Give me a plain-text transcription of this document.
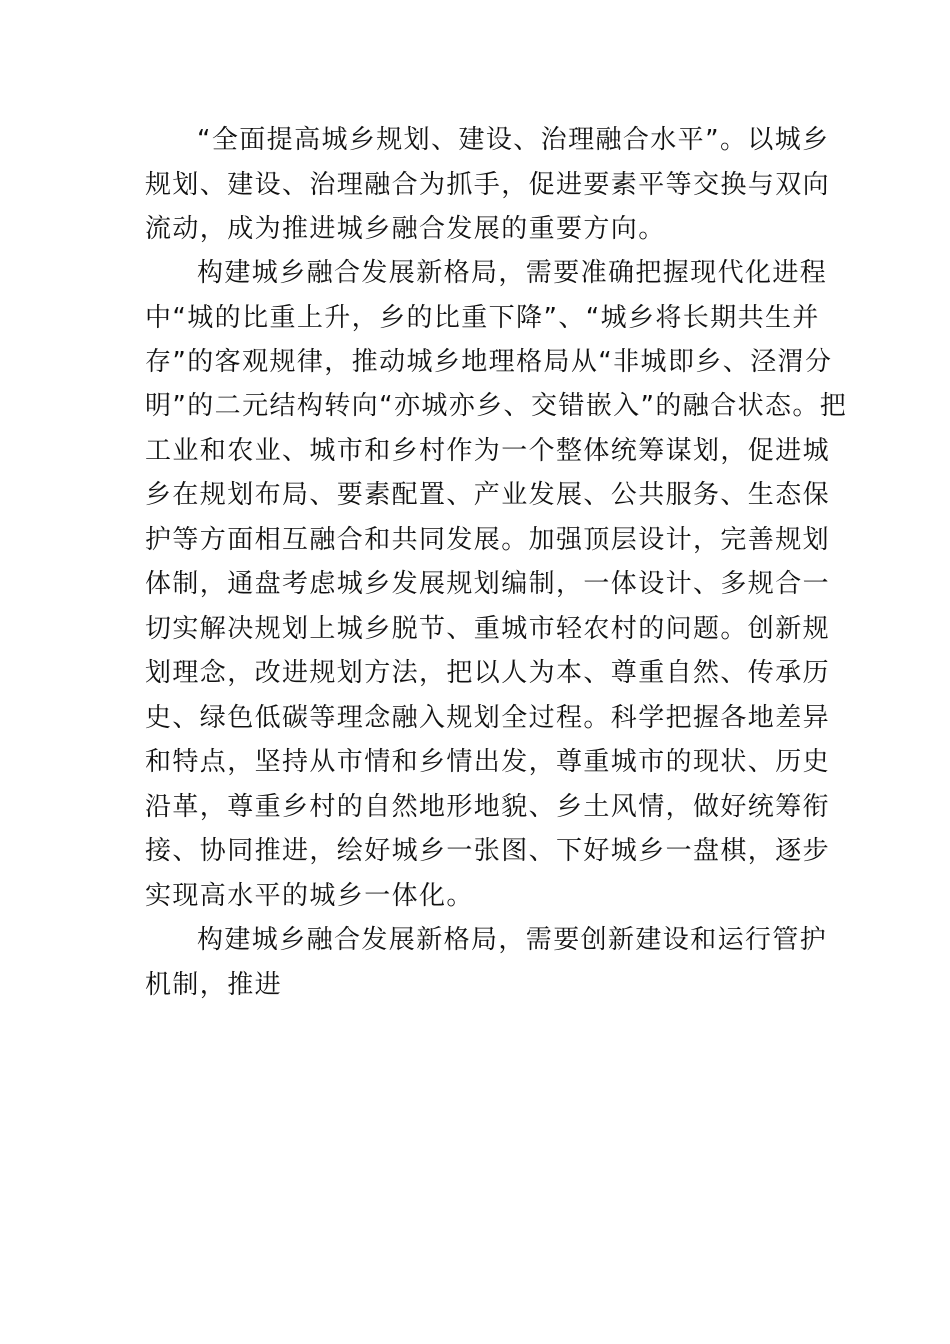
“全面提高城乡规划、建设、治理融合水平”。以城乡
规划、建设、治理融合为抓手，促进要素平等交换与双向
流动，成为推进城乡融合发展的重要方向。
构建城乡融合发展新格局，需要准确把握现代化进程
中“城的比重上升，乡的比重下降”、“城乡将长期共生并
存”的客观规律，推动城乡地理格局从“非城即乡、泾渭分
明”的二元结构转向“亦城亦乡、交错嵌入”的融合状态。把
工业和农业、城市和乡村作为一个整体统筹谋划，促进城
乡在规划布局、要素配置、产业发展、公共服务、生态保
护等方面相互融合和共同发展。加强顶层设计，完善规划
体制，通盘考虑城乡发展规划编制，一体设计、多规合一
切实解决规划上城乡脱节、重城市轻农村的问题。创新规
划理念，改进规划方法，把以人为本、尊重自然、传承历
史、绿色低碳等理念融入规划全过程。科学把握各地差异
和特点，坚持从市情和乡情出发，尊重城市的现状、历史
沿革，尊重乡村的自然地形地貌、乡土风情，做好统筹衔
接、协同推进，绘好城乡一张图、下好城乡一盘棋，逐步
实现高水平的城乡一体化。
构建城乡融合发展新格局，需要创新建设和运行管护
机制，推进
